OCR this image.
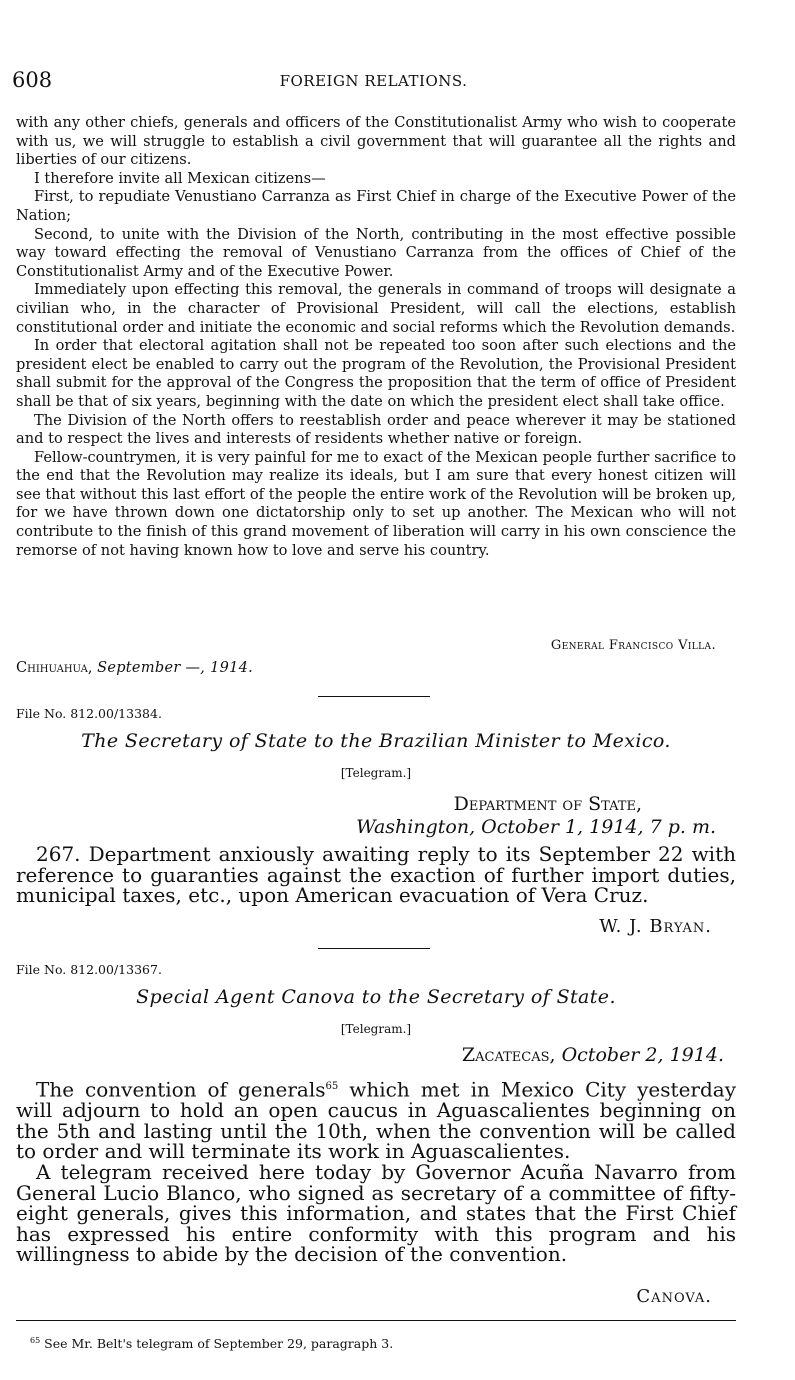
608	FOREIGN RELATIONS.

with any other chiefs, generals and officers of the Constitutionalist Army who wish to cooperate with us, we will struggle to establish a civil government that will guarantee all the rights and liberties of our citizens.

I therefore invite all Mexican citizens—

First, to repudiate Venustiano Carranza as First Chief in charge of the Executive Power of the Nation;

Second, to unite with the Division of the North, contributing in the most effective possible way toward effecting the removal of Venustiano Carranza from the offices of Chief of the Constitutionalist Army and of the Executive Power.

Immediately upon effecting this removal, the generals in command of troops will designate a civilian who, in the character of Provisional President, will call the elections, establish constitutional order and initiate the economic and social reforms which the Revolution demands.

In order that electoral agitation shall not be repeated too soon after such elections and the president elect be enabled to carry out the program of the Revolution, the Provisional President shall submit for the approval of the Congress the proposition that the term of office of President shall be that of six years, beginning with the date on which the president elect shall take office.

The Division of the North offers to reestablish order and peace wherever it may be stationed and to respect the lives and interests of residents whether native or foreign.

Fellow-countrymen, it is very painful for me to exact of the Mexican people further sacrifice to the end that the Revolution may realize its ideals, but I am sure that every honest citizen will see that without this last effort of the people the entire work of the Revolution will be broken up, for we have thrown down one dictatorship only to set up another. The Mexican who will not contribute to the finish of this grand movement of liberation will carry in his own conscience the remorse of not having known how to love and serve his country.

General Francisco Villa.
Chihuahua, September —, 1914.
File No. 812.00/13384.
The Secretary of State to the Brazilian Minister to Mexico.
[Telegram.]
Department of State,
Washington, October 1, 1914, 7 p. m.

267. Department anxiously awaiting reply to its September 22 with reference to guaranties against the exaction of further import duties, municipal taxes, etc., upon American evacuation of Vera Cruz.

W. J. Bryan.
File No. 812.00/13367.
Special Agent Canova to the Secretary of State.
[Telegram.]
Zacatecas, October 2, 1914.

The convention of generals$^{65}$ which met in Mexico City yesterday will adjourn to hold an open caucus in Aguascalientes beginning on the 5th and lasting until the 10th, when the convention will be called to order and will terminate its work in Aguascalientes.

A telegram received here today by Governor Acuña Navarro from General Lucio Blanco, who signed as secretary of a committee of fifty-eight generals, gives this information, and states that the First Chief has expressed his entire conformity with this program and his willingness to abide by the decision of the convention.

Canova.
$^{65}$ See Mr. Belt's telegram of September 29, paragraph 3.
